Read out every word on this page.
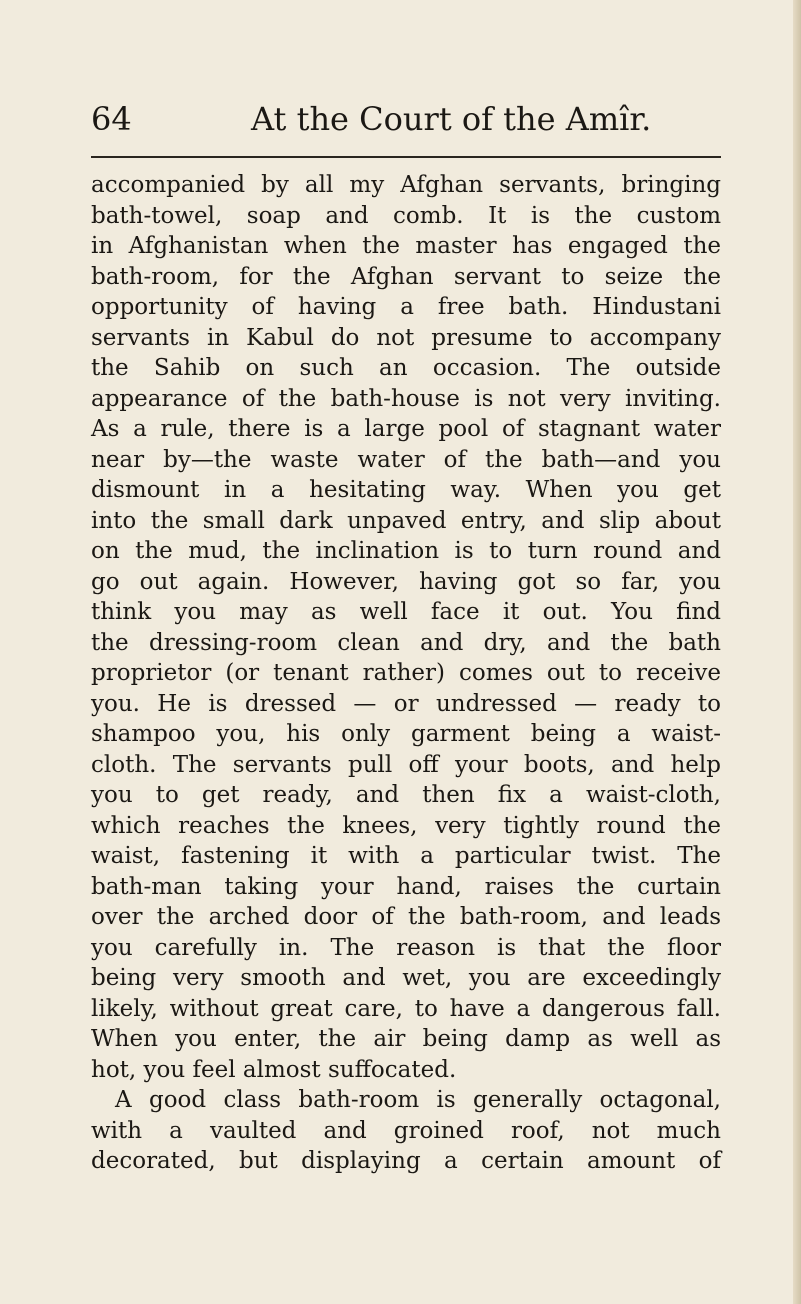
64	At the Court of the Amîr.
accompanied by all my Afghan servants, bringing
bath-towel, soap and comb. It is the custom
in Afghanistan when the master has engaged the
bath-room, for the Afghan servant to seize the
opportunity of having a free bath. Hindustani
servants in Kabul do not presume to accompany
the Sahib on such an occasion. The outside
appearance of the bath-house is not very inviting.
As a rule, there is a large pool of stagnant water
near by—the waste water of the bath—and you
dismount in a hesitating way. When you get
into the small dark unpaved entry, and slip about
on the mud, the inclination is to turn round and
go out again. However, having got so far, you
think you may as well face it out. You find
the dressing-room clean and dry, and the bath
proprietor (or tenant rather) comes out to receive
you. He is dressed — or undressed — ready to
shampoo you, his only garment being a waist-
cloth. The servants pull off your boots, and help
you to get ready, and then fix a waist-cloth,
which reaches the knees, very tightly round the
waist, fastening it with a particular twist. The
bath-man taking your hand, raises the curtain
over the arched door of the bath-room, and leads
you carefully in. The reason is that the floor
being very smooth and wet, you are exceedingly
likely, without great care, to have a dangerous fall.
When you enter, the air being damp as well as
hot, you feel almost suffocated.
A good class bath-room is generally octagonal,
with a vaulted and groined roof, not much
decorated, but displaying a certain amount of
